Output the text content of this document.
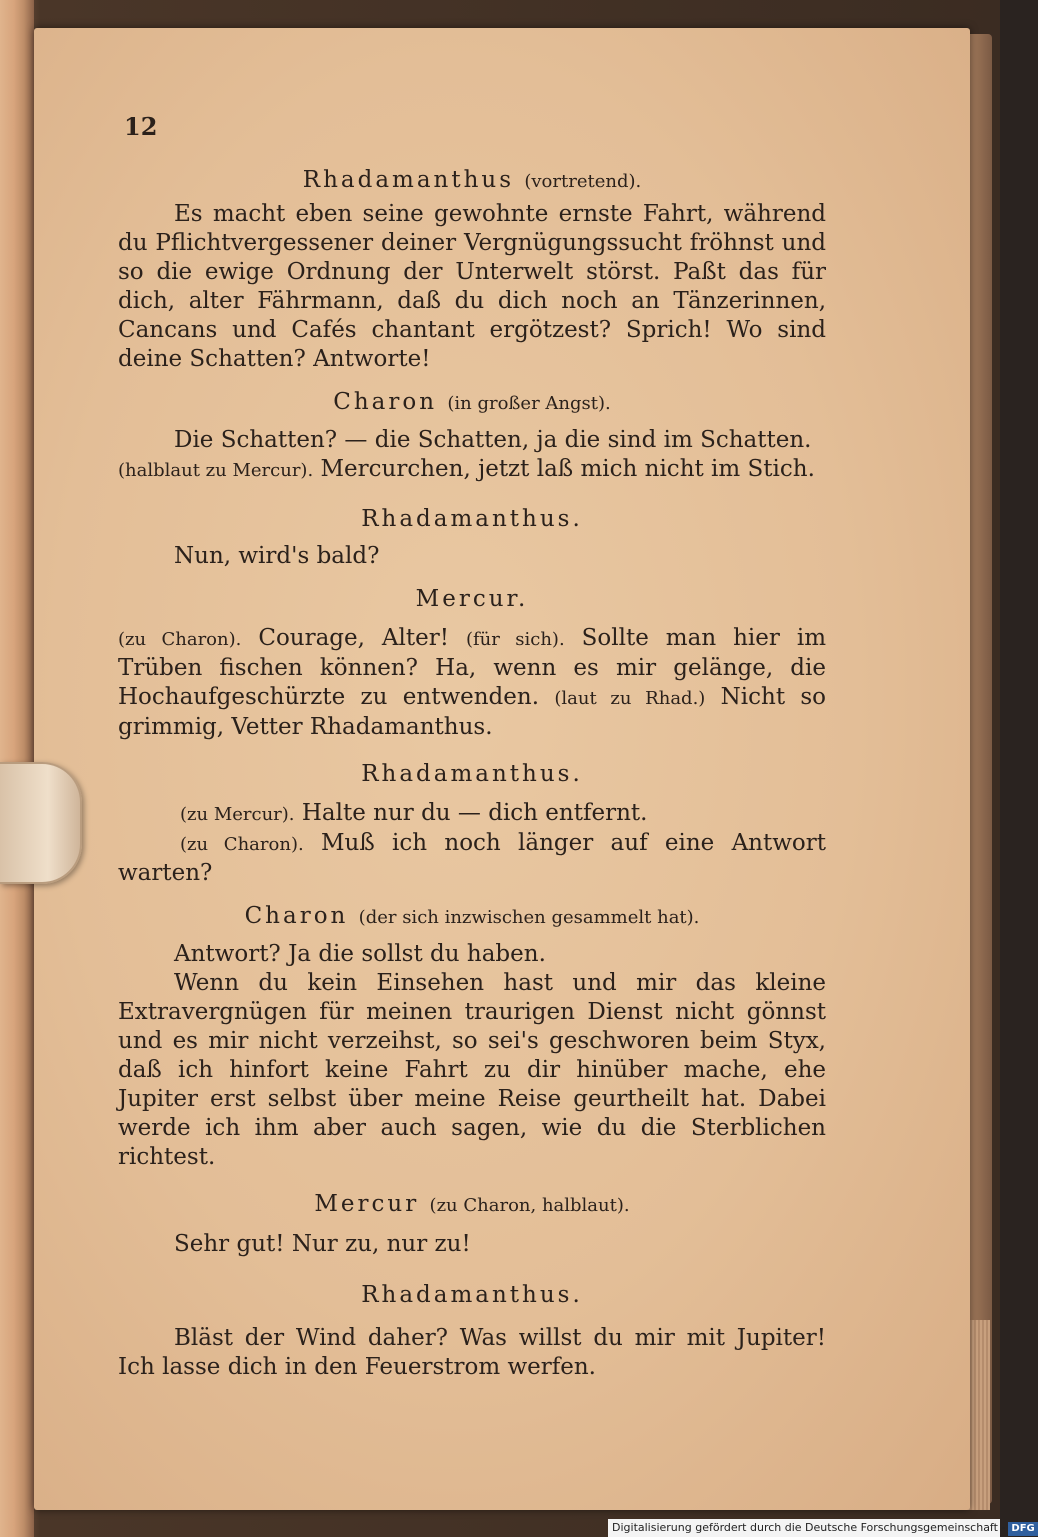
12

Rhadamanthus (vortretend).

Es macht eben seine gewohnte ernste Fahrt, während du Pflichtvergessener deiner Vergnügungssucht fröhnst und so die ewige Ordnung der Unterwelt störst. Paßt das für dich, alter Fährmann, daß du dich noch an Tänzerinnen, Cancans und Cafés chantant ergötzest? Sprich! Wo sind deine Schatten? Antworte!

Charon (in großer Angst).

Die Schatten? — die Schatten, ja die sind im Schatten.

(halblaut zu Mercur). Mercurchen, jetzt laß mich nicht im Stich.

Rhadamanthus.

Nun, wird's bald?

Mercur.

(zu Charon). Courage, Alter! (für sich). Sollte man hier im Trüben fischen können? Ha, wenn es mir gelänge, die Hochaufgeschürzte zu entwenden. (laut zu Rhad.) Nicht so grimmig, Vetter Rhadamanthus.

Rhadamanthus.

(zu Mercur). Halte nur du — dich entfernt.

(zu Charon). Muß ich noch länger auf eine Antwort warten?

Charon (der sich inzwischen gesammelt hat).

Antwort? Ja die sollst du haben.

Wenn du kein Einsehen hast und mir das kleine Extravergnügen für meinen traurigen Dienst nicht gönnst und es mir nicht verzeihst, so sei's geschworen beim Styx, daß ich hinfort keine Fahrt zu dir hinüber mache, ehe Jupiter erst selbst über meine Reise geurtheilt hat. Dabei werde ich ihm aber auch sagen, wie du die Sterblichen richtest.

Mercur (zu Charon, halblaut).

Sehr gut! Nur zu, nur zu!

Rhadamanthus.

Bläst der Wind daher? Was willst du mir mit Jupiter! Ich lasse dich in den Feuerstrom werfen.

Digitalisierung gefördert durch die Deutsche Forschungsgemeinschaft - DFG
